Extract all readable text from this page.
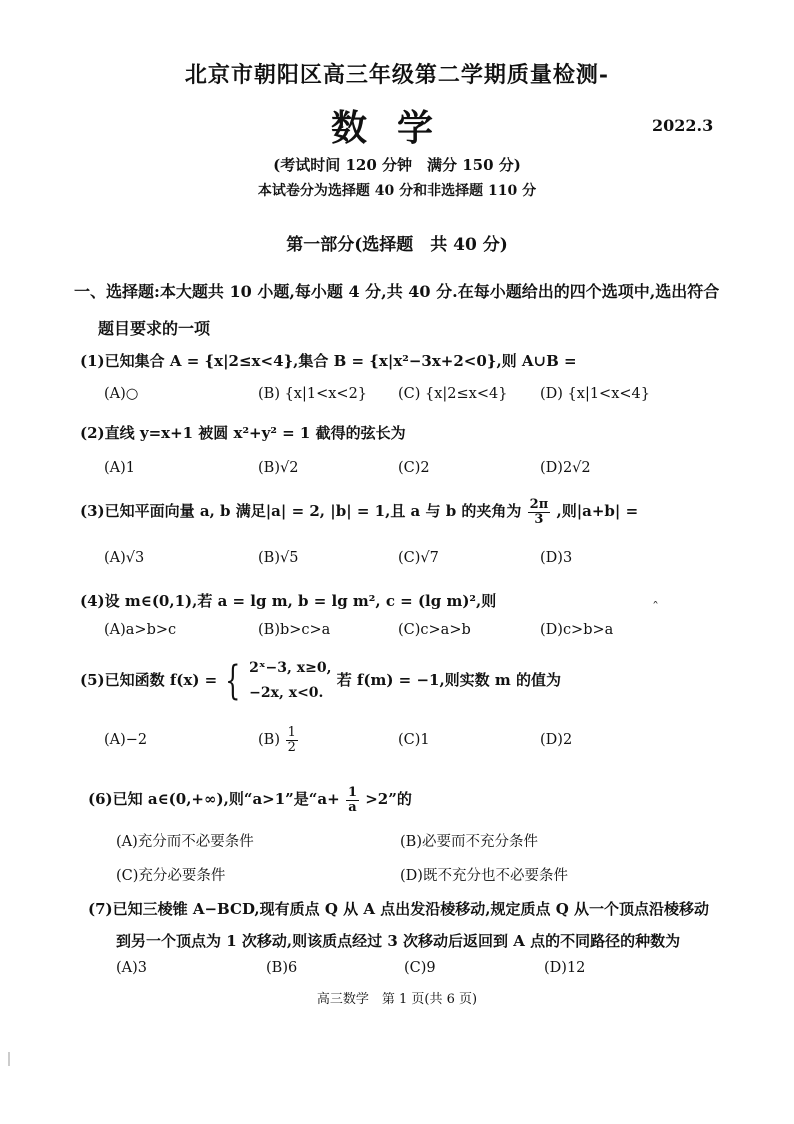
北京市朝阳区高三年级第二学期质量检测-
数学	2022.3
(考试时间 120 分钟　满分 150 分)
本试卷分为选择题 40 分和非选择题 110 分
第一部分(选择题　共 40 分)
一、选择题:本大题共 10 小题,每小题 4 分,共 40 分.在每小题给出的四个选项中,选出符合
题目要求的一项
(1)已知集合 A = {x|2≤x<4},集合 B = {x|x²−3x+2<0},则 A∪B =
(A)○	(B) {x|1<x<2} (C) {x|2≤x<4} (D) {x|1<x<4}
(2)直线 y=x+1 被圆 x²+y² = 1 截得的弦长为
(A)1	(B)√2	(C)2	(D)2√2
(3)已知平面向量 a, b 满足|a| = 2, |b| = 1,且 a 与 b 的夹角为 $\frac{2\pi}{3}$ ,则|a+b| =
(A)√3	(B)√5	(C)√7	(D)3
(4)设 m∈(0,1),若 a = lg m, b = lg m², c = (lg m)²,则
(A)a>b>c	(B)b>c>a	(C)c>a>b	(D)c>b>a
ˆ
(5)已知函数 f(x) = { 2ˣ−3, x≥0,
−2x, x<0.
若 f(m) = −1,则实数 m 的值为
(A)−2	$(B) \frac{1}{2}$	(C)1	(D)2
(6)已知 a∈(0,+∞),则“a>1”是“$a+ \frac{1}{a} >2$”的
(A)充分而不必要条件	(B)必要而不充分条件
(C)充分必要条件	(D)既不充分也不必要条件
(7)已知三棱锥 A−BCD,现有质点 Q 从 A 点出发沿棱移动,规定质点 Q 从一个顶点沿棱移动
到另一个顶点为 1 次移动,则该质点经过 3 次移动后返回到 A 点的不同路径的种数为
(A)3	(B)6	(C)9	(D)12
高三数学　第 1 页(共 6 页)
